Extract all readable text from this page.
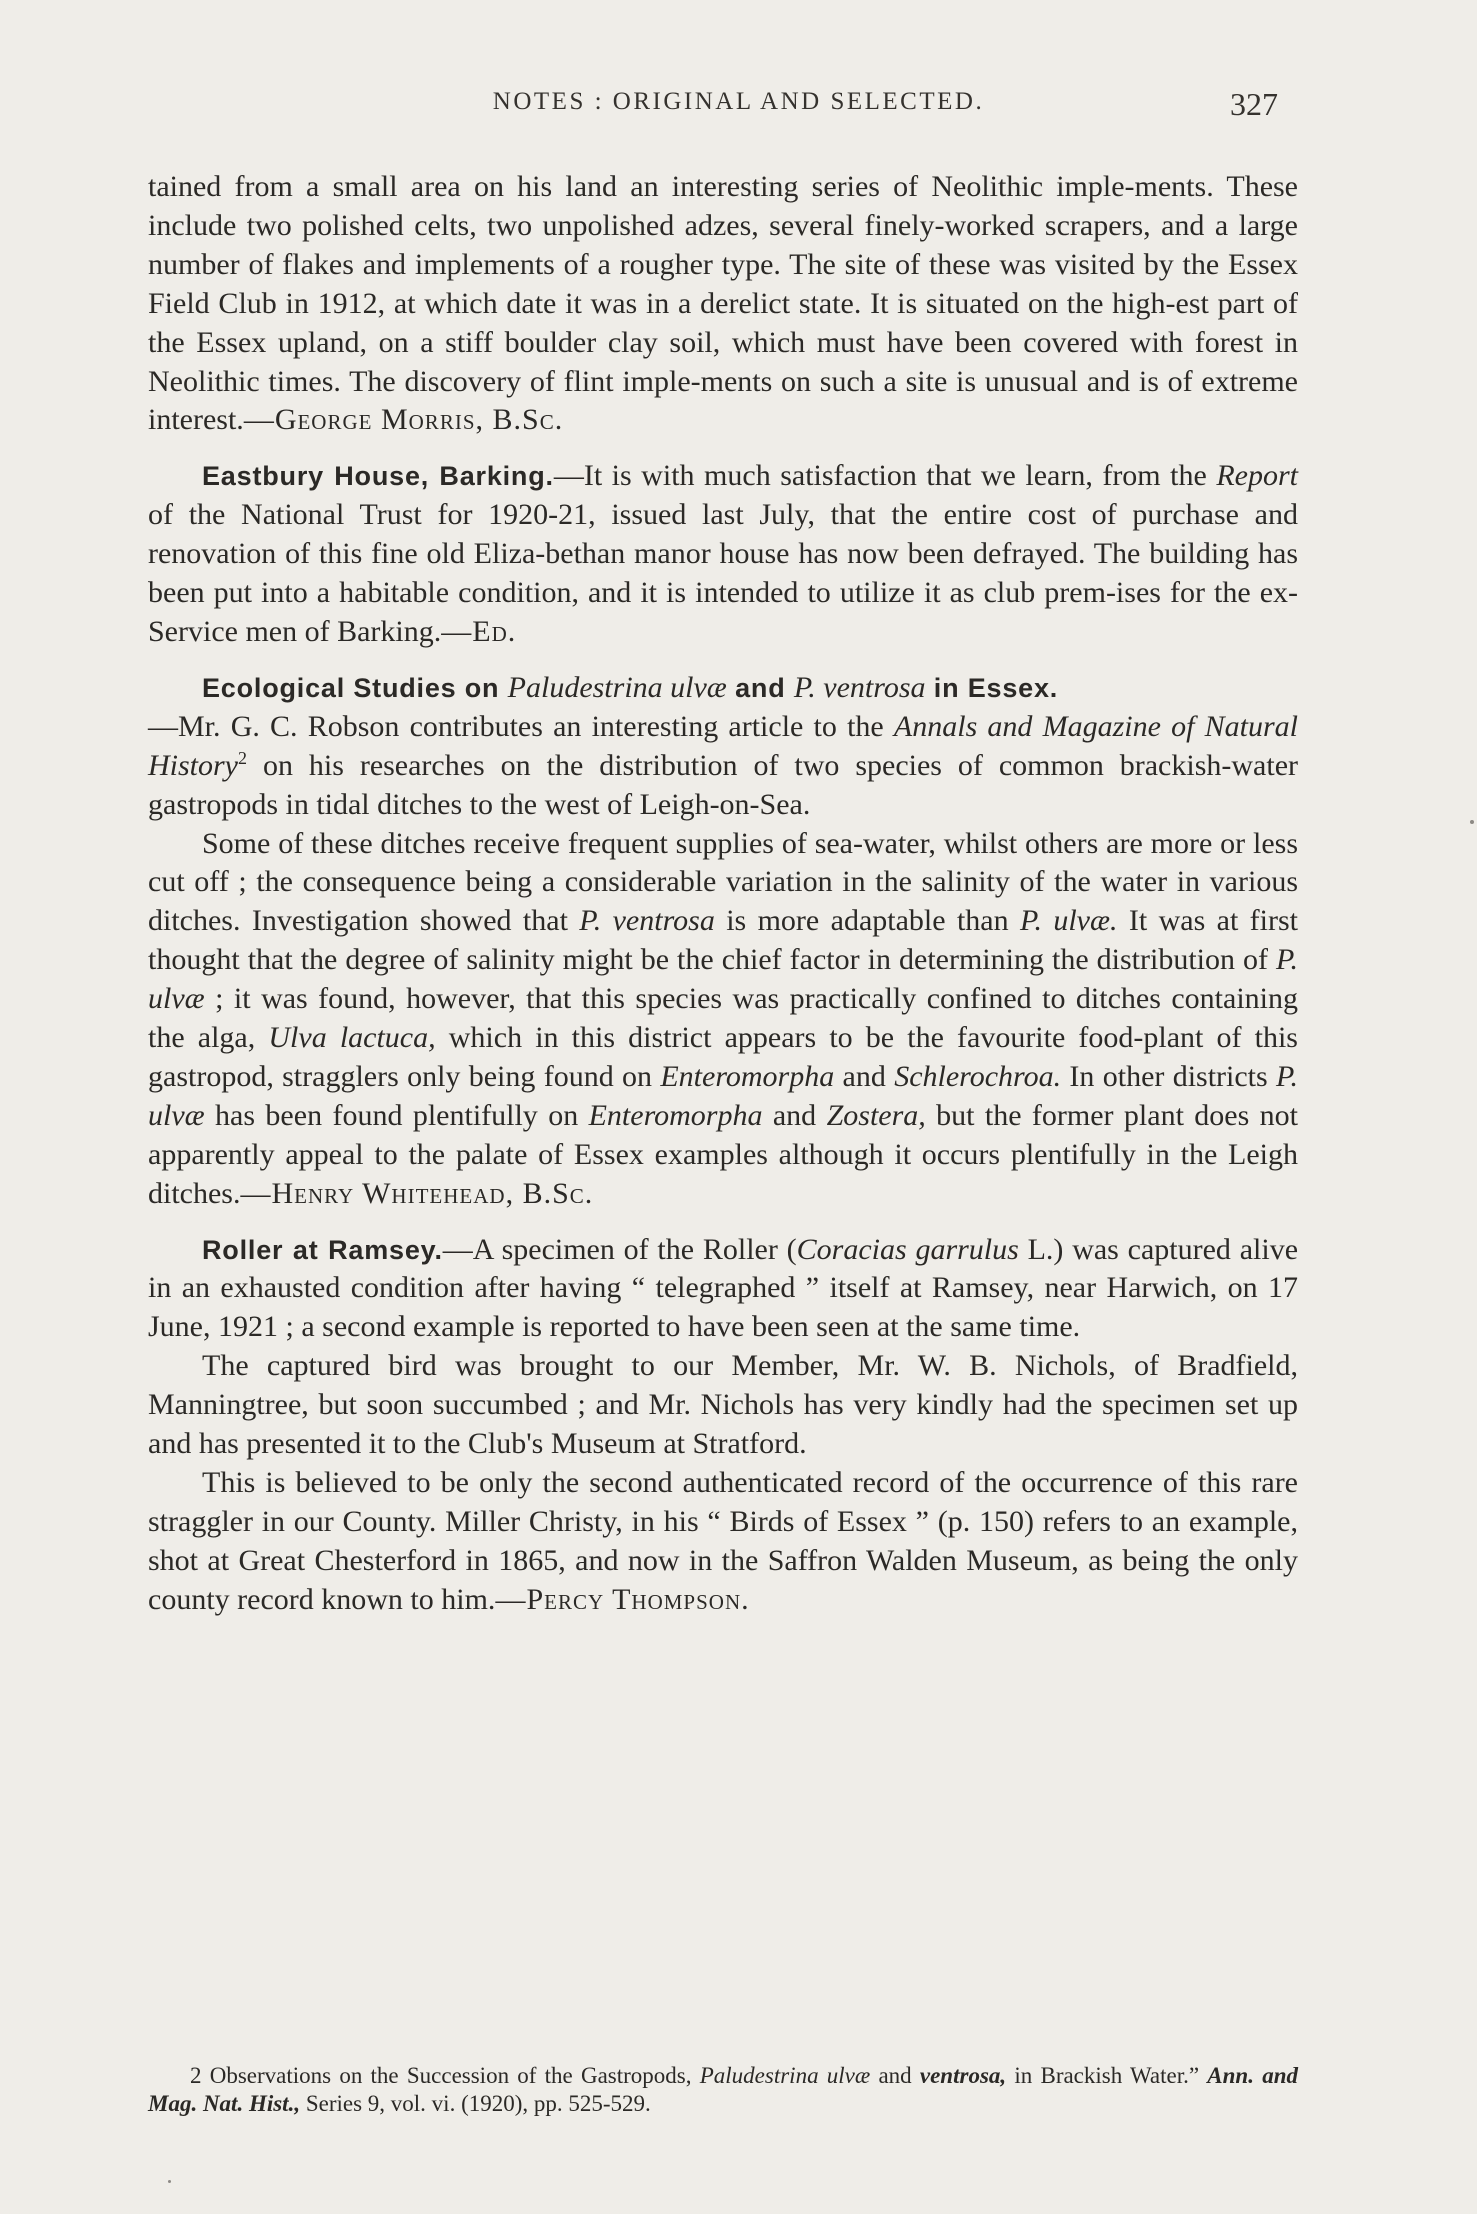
NOTES : ORIGINAL AND SELECTED.	327

tained from a small area on his land an interesting series of Neolithic imple-ments. These include two polished celts, two unpolished adzes, several finely-worked scrapers, and a large number of flakes and implements of a rougher type. The site of these was visited by the Essex Field Club in 1912, at which date it was in a derelict state. It is situated on the high-est part of the Essex upland, on a stiff boulder clay soil, which must have been covered with forest in Neolithic times. The discovery of flint imple-ments on such a site is unusual and is of extreme interest.—George Morris, B.Sc.

Eastbury House, Barking.—It is with much satisfaction that we learn, from the Report of the National Trust for 1920-21, issued last July, that the entire cost of purchase and renovation of this fine old Eliza-bethan manor house has now been defrayed. The building has been put into a habitable condition, and it is intended to utilize it as club prem-ises for the ex-Service men of Barking.—Ed.

Ecological Studies on Paludestrina ulvæ and P. ventrosa in Essex.
—Mr. G. C. Robson contributes an interesting article to the Annals and Magazine of Natural History$^2$ on his researches on the distribution of two species of common brackish-water gastropods in tidal ditches to the west of Leigh-on-Sea.

Some of these ditches receive frequent supplies of sea-water, whilst others are more or less cut off ; the consequence being a considerable variation in the salinity of the water in various ditches. Investigation showed that P. ventrosa is more adaptable than P. ulvæ. It was at first thought that the degree of salinity might be the chief factor in determining the distribution of P. ulvæ ; it was found, however, that this species was practically confined to ditches containing the alga, Ulva lactuca, which in this district appears to be the favourite food-plant of this gastropod, stragglers only being found on Enteromorpha and Schlerochroa. In other districts P. ulvæ has been found plentifully on Enteromorpha and Zostera, but the former plant does not apparently appeal to the palate of Essex examples although it occurs plentifully in the Leigh ditches.—Henry Whitehead, B.Sc.

Roller at Ramsey.—A specimen of the Roller (Coracias garrulus L.) was captured alive in an exhausted condition after having “ telegraphed ” itself at Ramsey, near Harwich, on 17 June, 1921 ; a second example is reported to have been seen at the same time.

The captured bird was brought to our Member, Mr. W. B. Nichols, of Bradfield, Manningtree, but soon succumbed ; and Mr. Nichols has very kindly had the specimen set up and has presented it to the Club's Museum at Stratford.

This is believed to be only the second authenticated record of the occurrence of this rare straggler in our County. Miller Christy, in his “ Birds of Essex ” (p. 150) refers to an example, shot at Great Chesterford in 1865, and now in the Saffron Walden Museum, as being the only county record known to him.—Percy Thompson.

2 Observations on the Succession of the Gastropods, Paludestrina ulvæ and ventrosa, in Brackish Water.” Ann. and Mag. Nat. Hist., Series 9, vol. vi. (1920), pp. 525-529.
